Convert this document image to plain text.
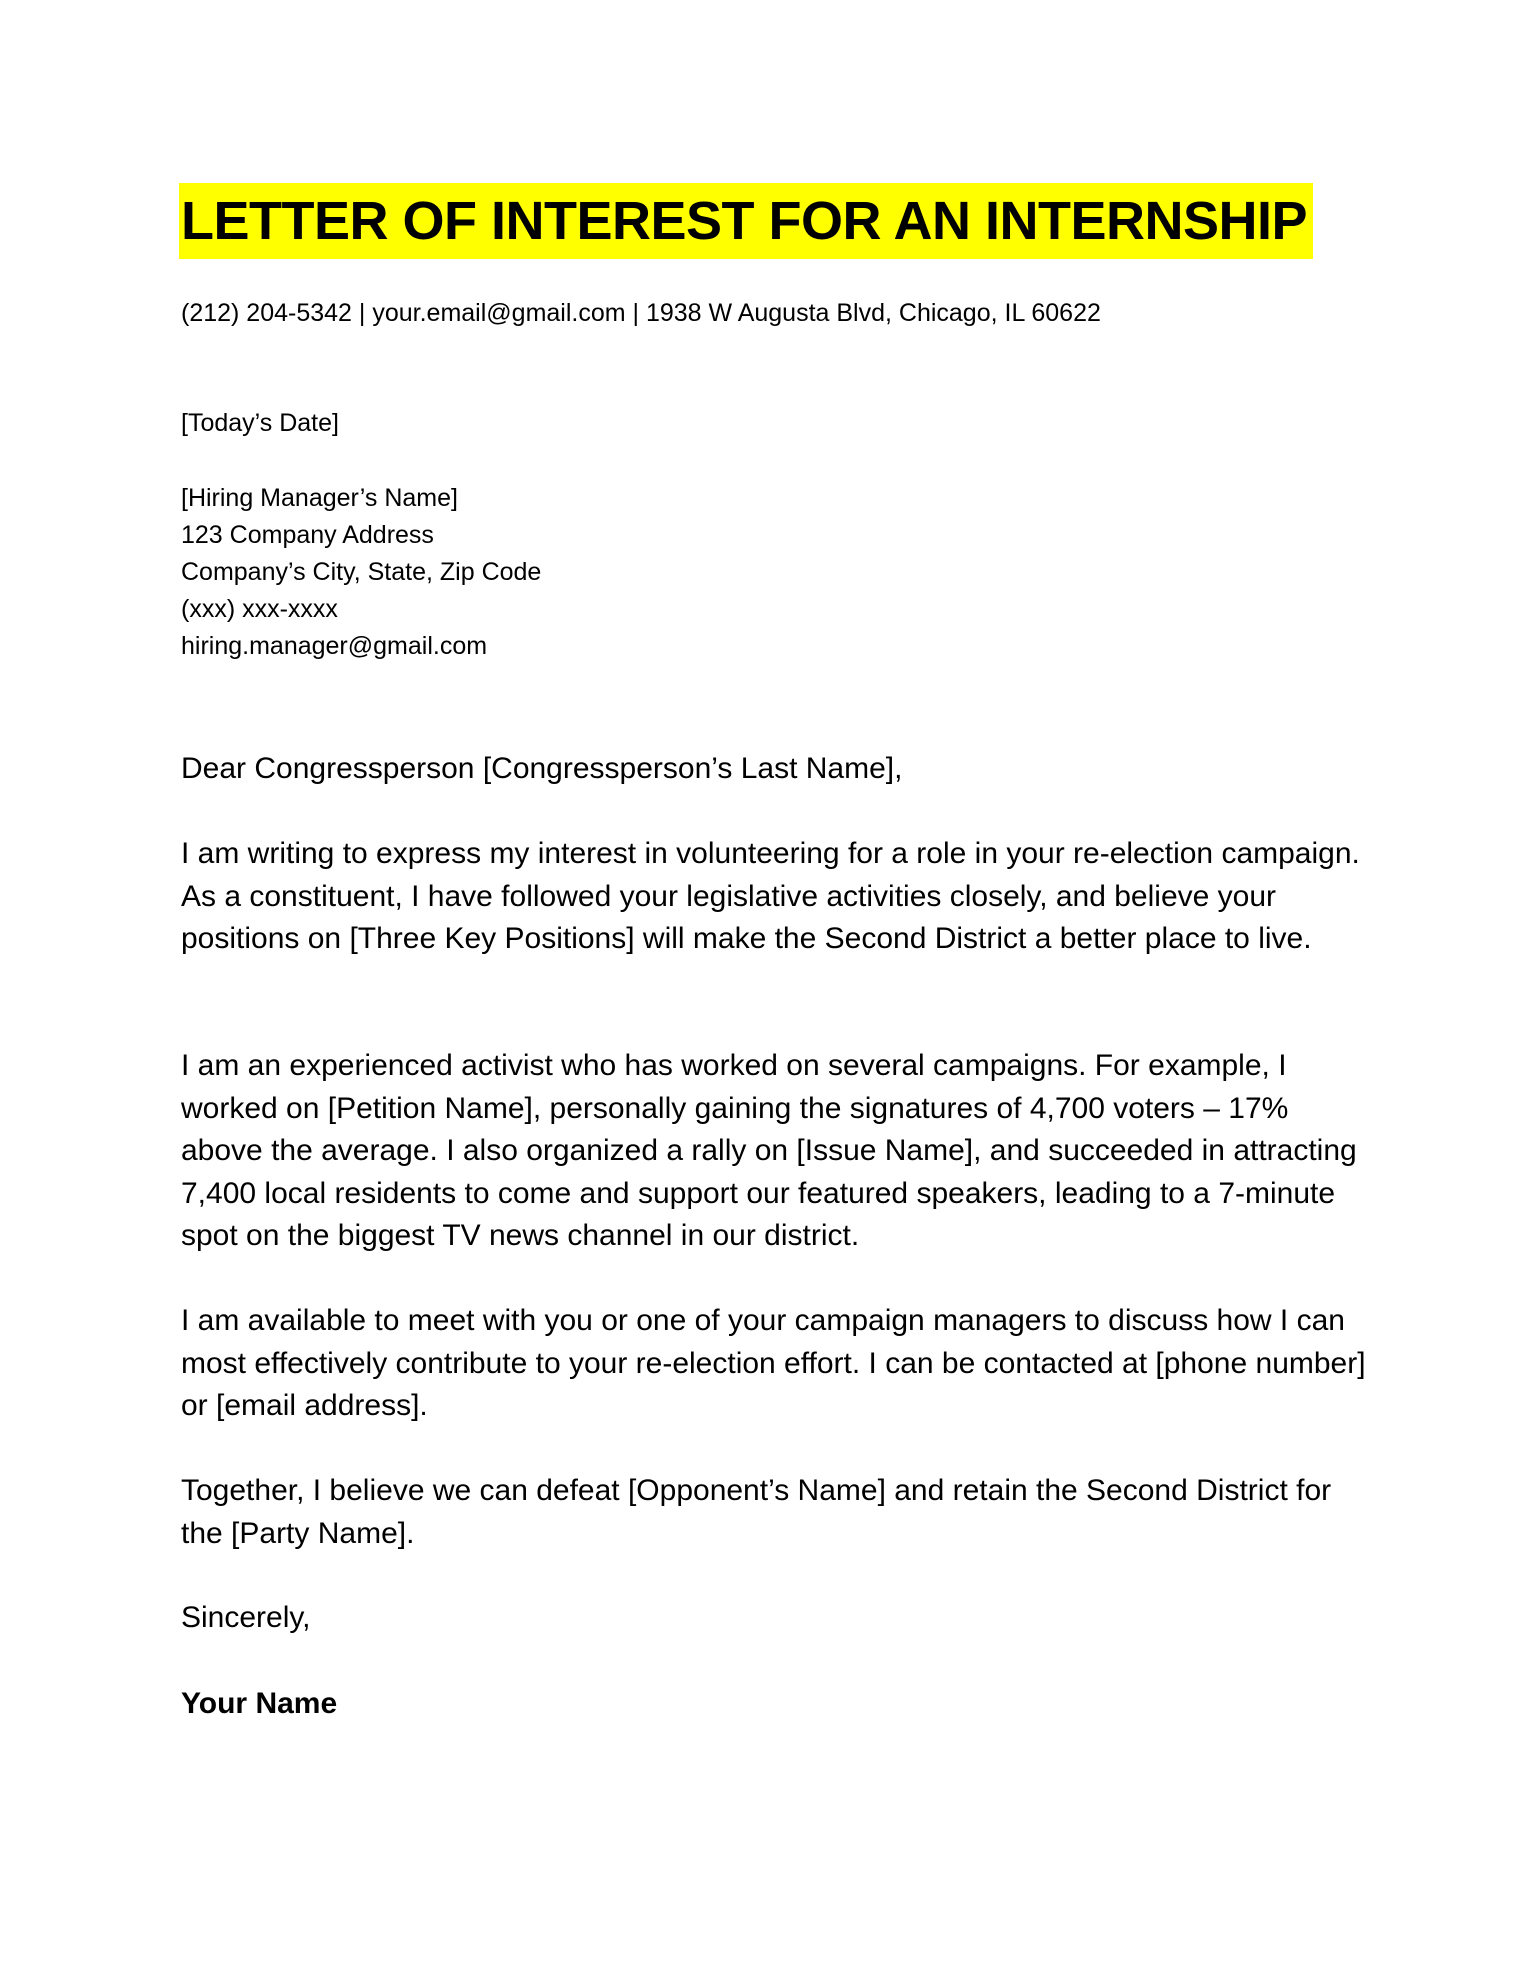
LETTER OF INTEREST FOR AN INTERNSHIP
(212) 204-5342 | your.email@gmail.com | 1938 W Augusta Blvd, Chicago, IL 60622
[Today’s Date]
[Hiring Manager’s Name]
123 Company Address
Company’s City, State, Zip Code
(xxx) xxx-xxxx
hiring.manager@gmail.com
Dear Congressperson [Congressperson’s Last Name],
I am writing to express my interest in volunteering for a role in your re-election campaign. As a constituent, I have followed your legislative activities closely, and believe your positions on [Three Key Positions] will make the Second District a better place to live.
I am an experienced activist who has worked on several campaigns. For example, I worked on [Petition Name], personally gaining the signatures of 4,700 voters – 17% above the average. I also organized a rally on [Issue Name], and succeeded in attracting 7,400 local residents to come and support our featured speakers, leading to a 7-minute spot on the biggest TV news channel in our district.
I am available to meet with you or one of your campaign managers to discuss how I can most effectively contribute to your re-election effort. I can be contacted at [phone number] or [email address].
Together, I believe we can defeat [Opponent’s Name] and retain the Second District for the [Party Name].
Sincerely,
Your Name
